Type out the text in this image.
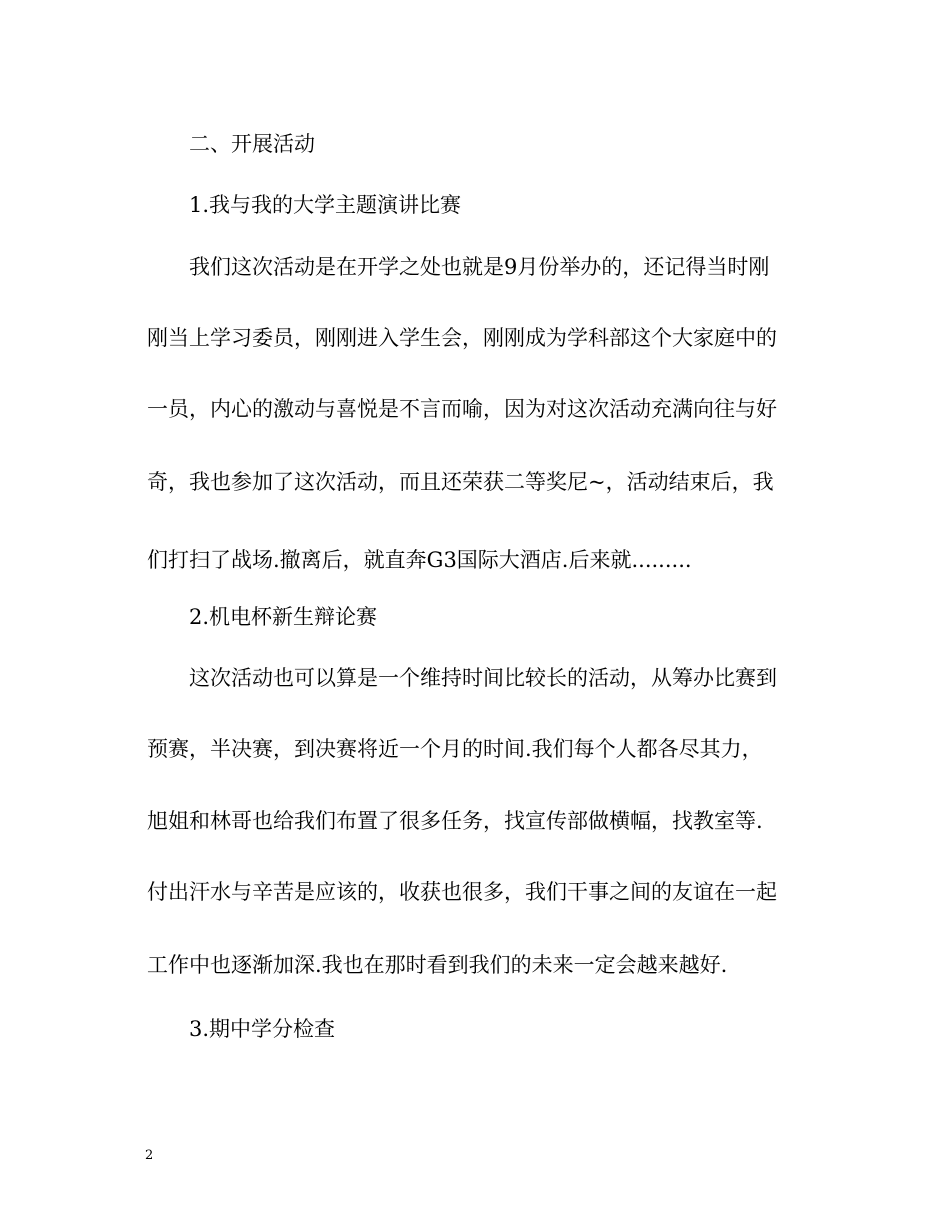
二、开展活动
1.我与我的大学主题演讲比赛
我们这次活动是在开学之处也就是9月份举办的，还记得当时刚
刚当上学习委员，刚刚进入学生会，刚刚成为学科部这个大家庭中的
一员，内心的激动与喜悦是不言而喻，因为对这次活动充满向往与好
奇，我也参加了这次活动，而且还荣获二等奖尼~，活动结束后，我
们打扫了战场.撤离后，就直奔G3国际大酒店.后来就.........
2.机电杯新生辩论赛
这次活动也可以算是一个维持时间比较长的活动，从筹办比赛到
预赛，半决赛，到决赛将近一个月的时间.我们每个人都各尽其力，
旭姐和林哥也给我们布置了很多任务，找宣传部做横幅，找教室等.
付出汗水与辛苦是应该的，收获也很多，我们干事之间的友谊在一起
工作中也逐渐加深.我也在那时看到我们的未来一定会越来越好.
3.期中学分检查
2
